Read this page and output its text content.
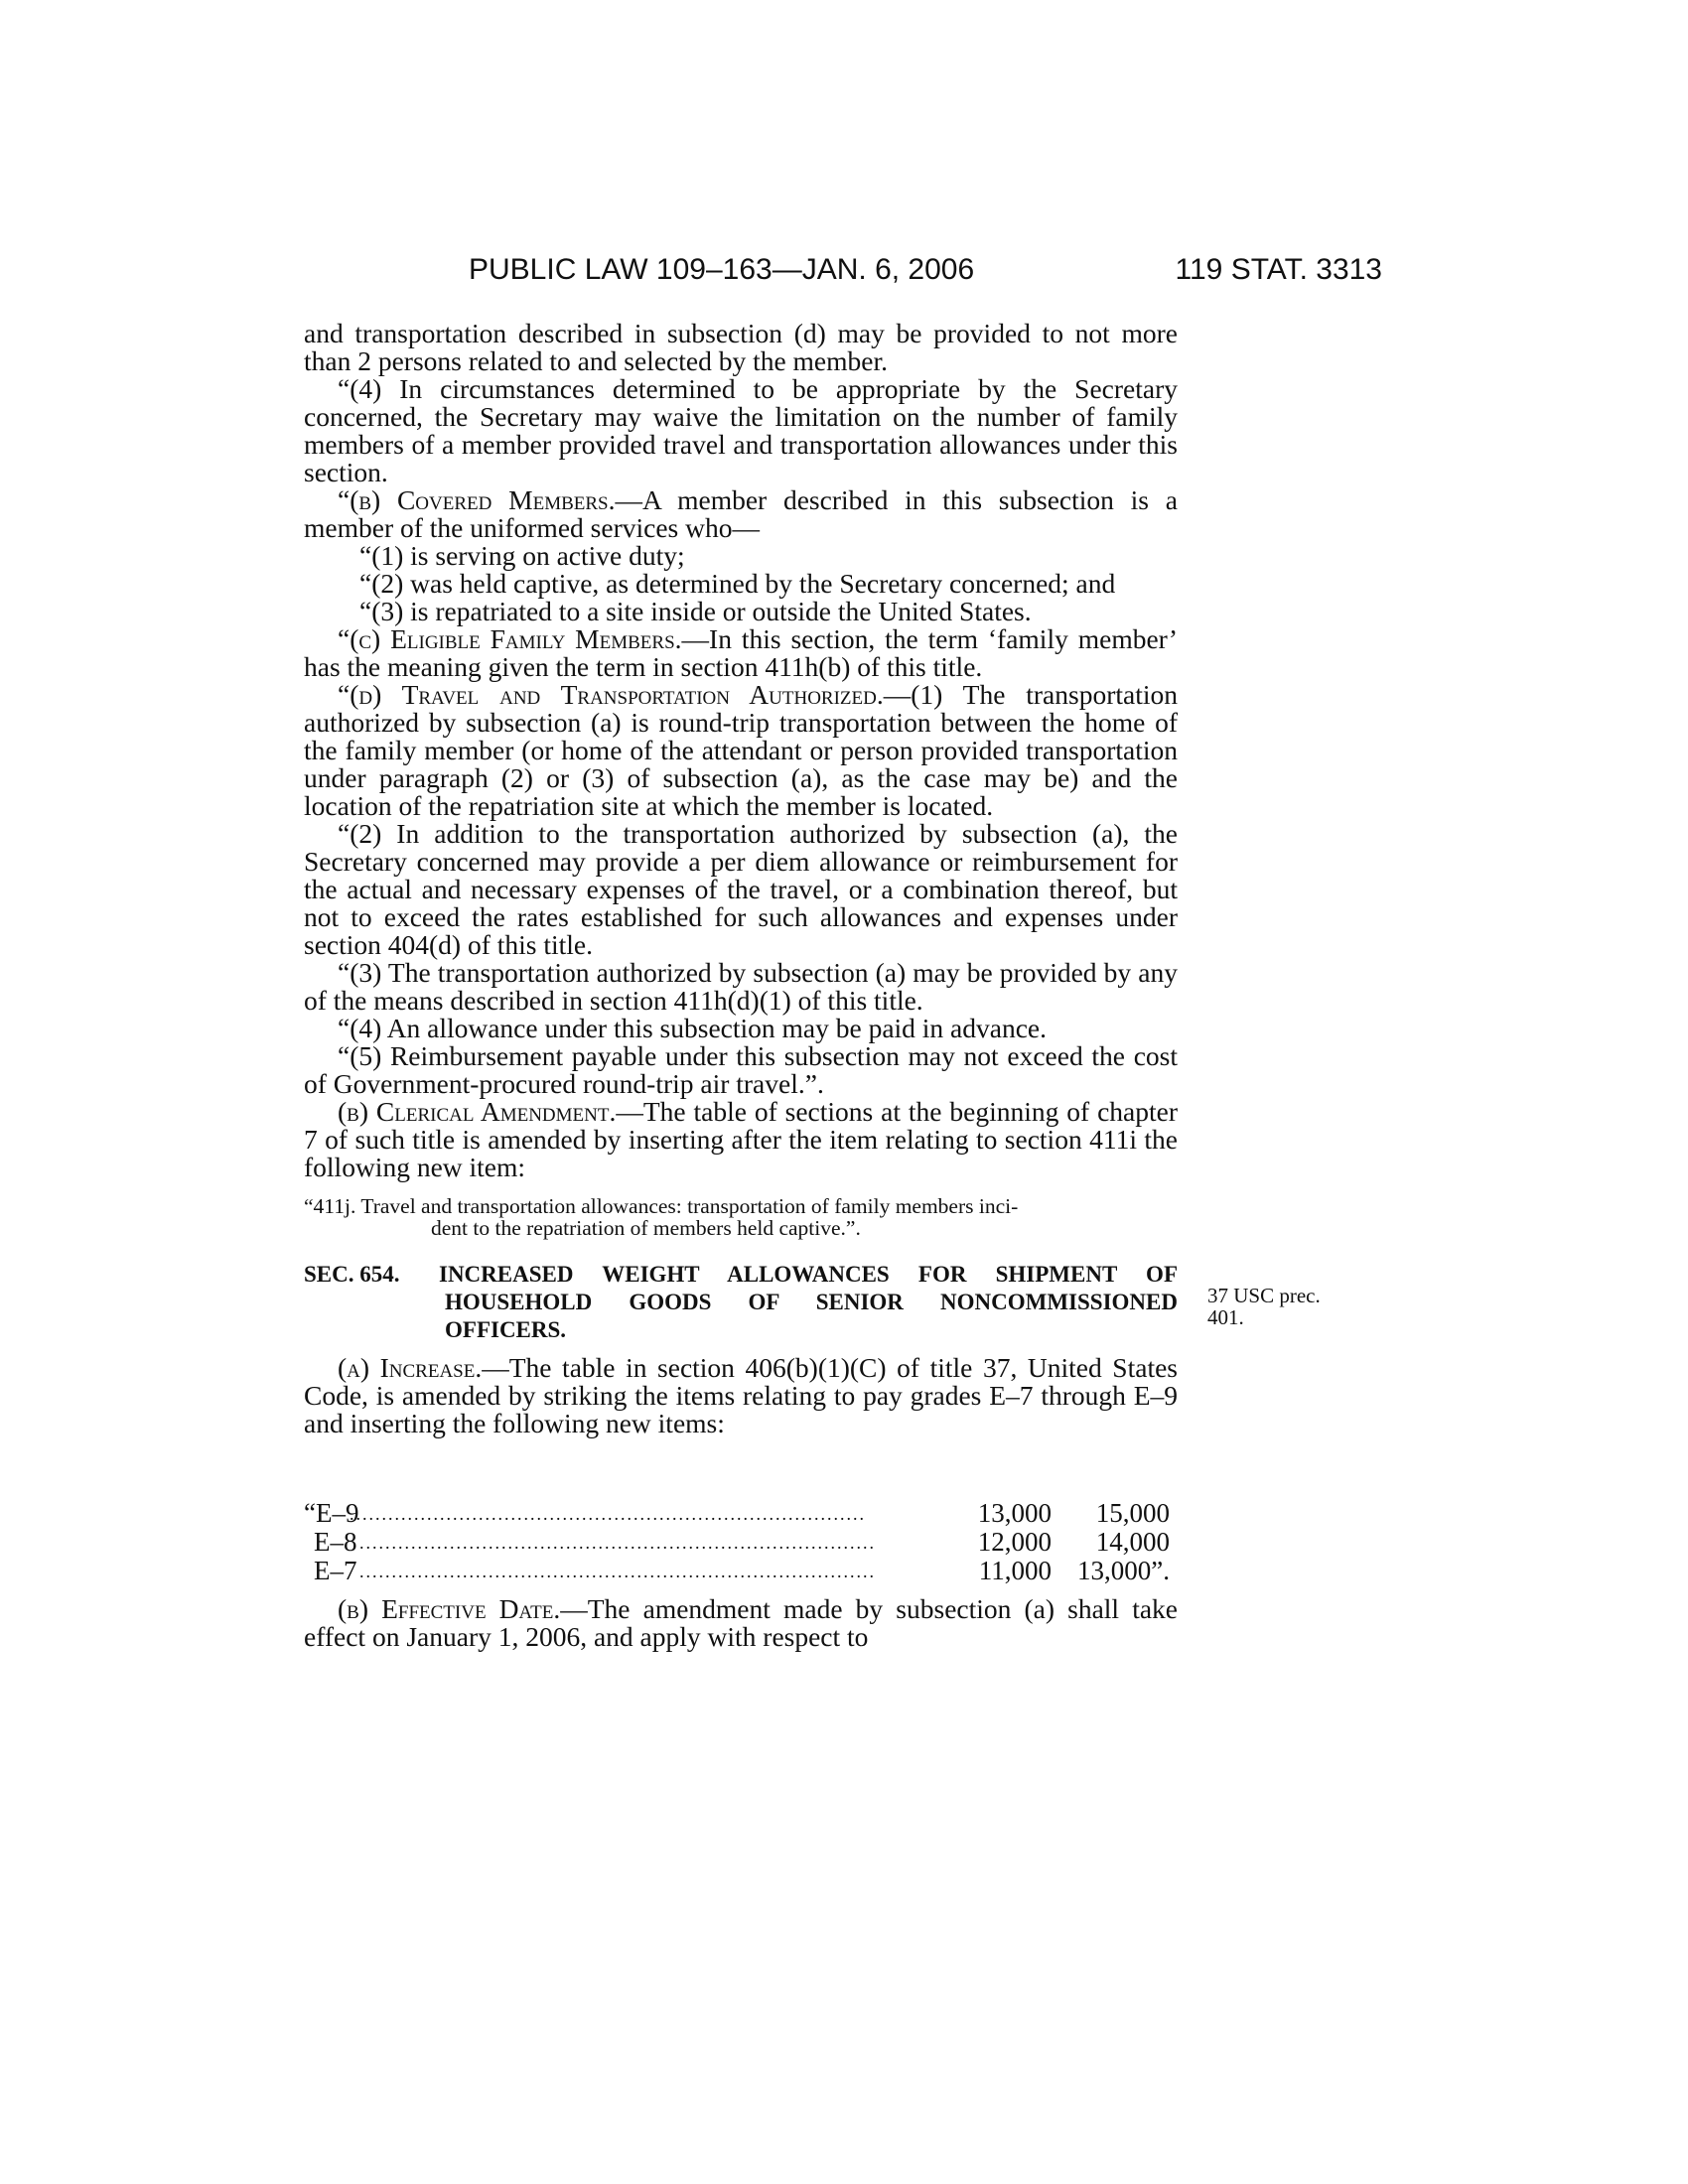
PUBLIC LAW 109–163—JAN. 6, 2006	119 STAT. 3313

and transportation described in subsection (d) may be provided to not more than 2 persons related to and selected by the member.

“(4) In circumstances determined to be appropriate by the Secretary concerned, the Secretary may waive the limitation on the number of family members of a member provided travel and transportation allowances under this section.

“(b) Covered Members.—A member described in this subsection is a member of the uniformed services who—

“(1) is serving on active duty;

“(2) was held captive, as determined by the Secretary concerned; and

“(3) is repatriated to a site inside or outside the United States.

“(c) Eligible Family Members.—In this section, the term ‘family member’ has the meaning given the term in section 411h(b) of this title.

“(d) Travel and Transportation Authorized.—(1) The transportation authorized by subsection (a) is round-trip transportation between the home of the family member (or home of the attendant or person provided transportation under paragraph (2) or (3) of subsection (a), as the case may be) and the location of the repatriation site at which the member is located.

“(2) In addition to the transportation authorized by subsection (a), the Secretary concerned may provide a per diem allowance or reimbursement for the actual and necessary expenses of the travel, or a combination thereof, but not to exceed the rates established for such allowances and expenses under section 404(d) of this title.

“(3) The transportation authorized by subsection (a) may be provided by any of the means described in section 411h(d)(1) of this title.

“(4) An allowance under this subsection may be paid in advance.

“(5) Reimbursement payable under this subsection may not exceed the cost of Government-procured round-trip air travel.”.

(b) Clerical Amendment.—The table of sections at the beginning of chapter 7 of such title is amended by inserting after the item relating to section 411i the following new item:

“411j. Travel and transportation allowances: transportation of family members inci-
dent to the repatriation of members held captive.”.

SEC. 654. INCREASED WEIGHT ALLOWANCES FOR SHIPMENT OF HOUSEHOLD GOODS OF SENIOR NONCOMMISSIONED OFFICERS.

(a) Increase.—The table in section 406(b)(1)(C) of title 37, United States Code, is amended by striking the items relating to pay grades E–7 through E–9 and inserting the following new items:

“E–9................................................................................	13,000	15,000
E–8 ................................................................................	12,000	14,000
E–7 ................................................................................	11,000	13,000”.

(b) Effective Date.—The amendment made by subsection (a) shall take effect on January 1, 2006, and apply with respect to

37 USC prec. 401.
